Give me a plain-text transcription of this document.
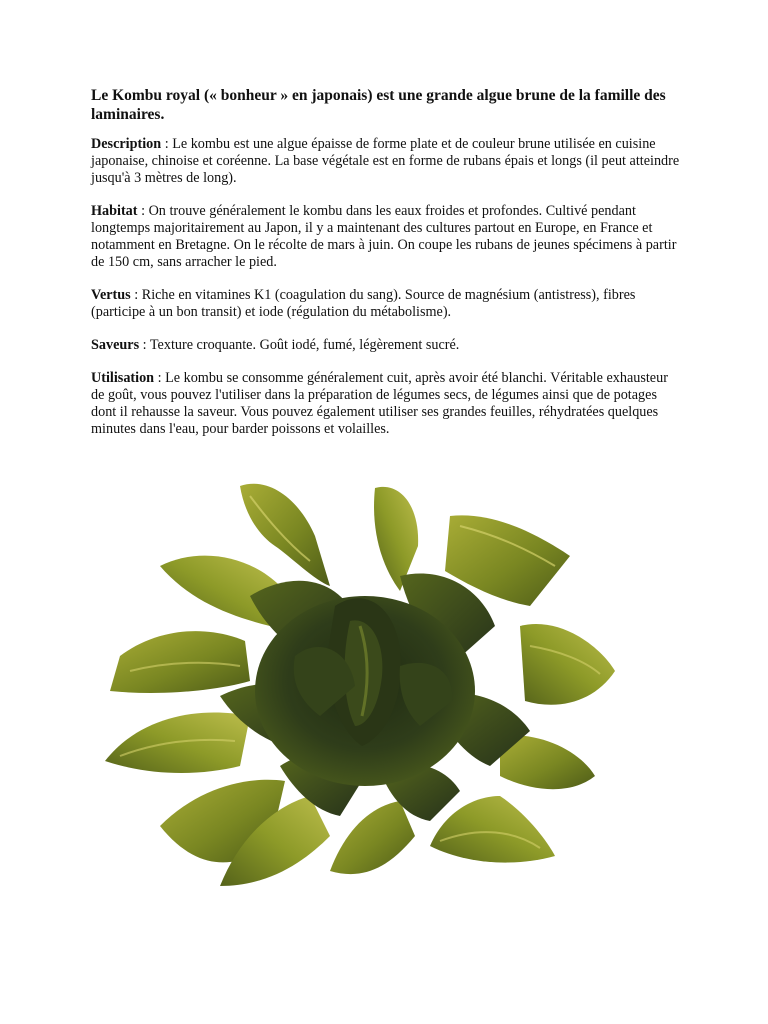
Le Kombu royal (« bonheur » en japonais) est une grande algue brune de la famille des laminaires.

Description : Le kombu est une algue épaisse de forme plate et de couleur brune utilisée en cuisine japonaise, chinoise et coréenne. La base végétale est en forme de rubans épais et longs (il peut atteindre jusqu'à 3 mètres de long).

Habitat : On trouve généralement le kombu dans les eaux froides et profondes. Cultivé pendant longtemps majoritairement au Japon, il y a maintenant des cultures partout en Europe, en France et notamment en Bretagne. On le récolte de mars à juin. On coupe les rubans de jeunes spécimens à partir de 150 cm, sans arracher le pied.

Vertus : Riche en vitamines K1 (coagulation du sang). Source de magnésium (antistress), fibres (participe à un bon transit) et iode (régulation du métabolisme).

Saveurs : Texture croquante. Goût iodé, fumé, légèrement sucré.

Utilisation : Le kombu se consomme généralement cuit, après avoir été blanchi. Véritable exhausteur de goût, vous pouvez l'utiliser dans la préparation de légumes secs, de légumes ainsi que de potages dont il rehausse la saveur. Vous pouvez également utiliser ses grandes feuilles, réhydratées quelques minutes dans l'eau, pour barder poissons et volailles.
